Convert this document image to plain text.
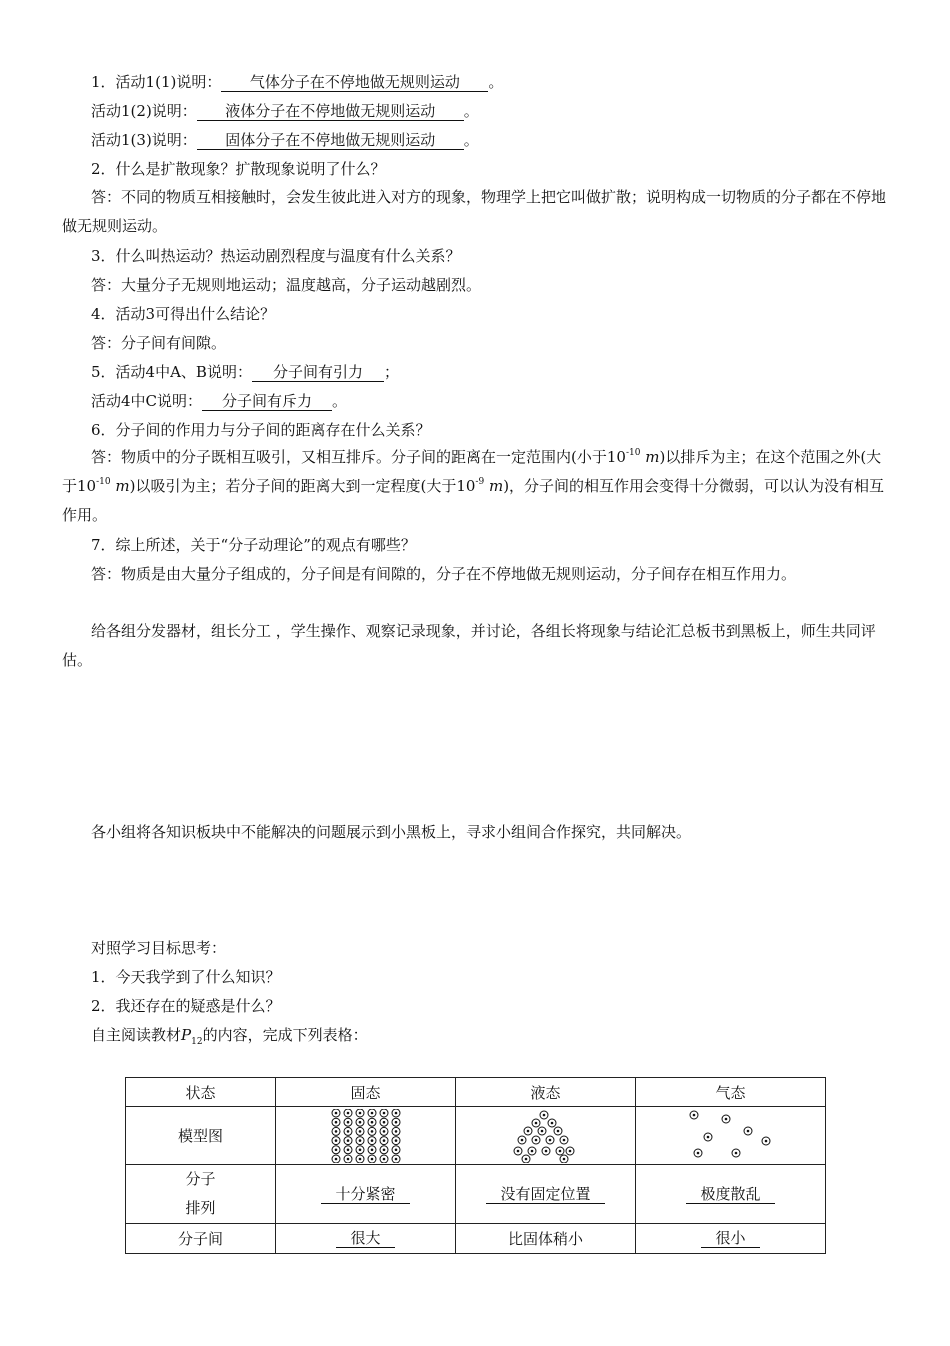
1．活动1(1)说明： 气体分子在不停地做无规则运动 。
活动1(2)说明： 液体分子在不停地做无规则运动 。
活动1(3)说明： 固体分子在不停地做无规则运动 。
2．什么是扩散现象？扩散现象说明了什么？
答：不同的物质互相接触时，会发生彼此进入对方的现象，物理学上把它叫做扩散；说明构成一切物质的分子都在不停地做无规则运动。
3．什么叫热运动？热运动剧烈程度与温度有什么关系？
答：大量分子无规则地运动；温度越高，分子运动越剧烈。
4．活动3可得出什么结论？
答：分子间有间隙。
5．活动4中A、B说明： 分子间有引力 ；
活动4中C说明： 分子间有斥力 。
6．分子间的作用力与分子间的距离存在什么关系？
答：物质中的分子既相互吸引，又相互排斥。分子间的距离在一定范围内(小于$10^{-10}$ m)以排斥为主；在这个范围之外(大于$10^{-10}$ m)以吸引为主；若分子间的距离大到一定程度(大于$10^{-9}$ m)，分子间的相互作用会变得十分微弱，可以认为没有相互作用。
7．综上所述，关于“分子动理论”的观点有哪些？
答：物质是由大量分子组成的，分子间是有间隙的，分子在不停地做无规则运动，分子间存在相互作用力。
给各组分发器材，组长分工 ，学生操作、观察记录现象，并讨论，各组长将现象与结论汇总板书到黑板上，师生共同评估。
各小组将各知识板块中不能解决的问题展示到小黑板上，寻求小组间合作探究，共同解决。
对照学习目标思考：
1．今天我学到了什么知识？
2．我还存在的疑惑是什么？
自主阅读教材$P_{12}$的内容，完成下列表格：
状态	固态	液态	气态
模型图	

分子
排列	十分紧密	没有固定位置	极度散乱
分子间	很大	比固体稍小	很小
